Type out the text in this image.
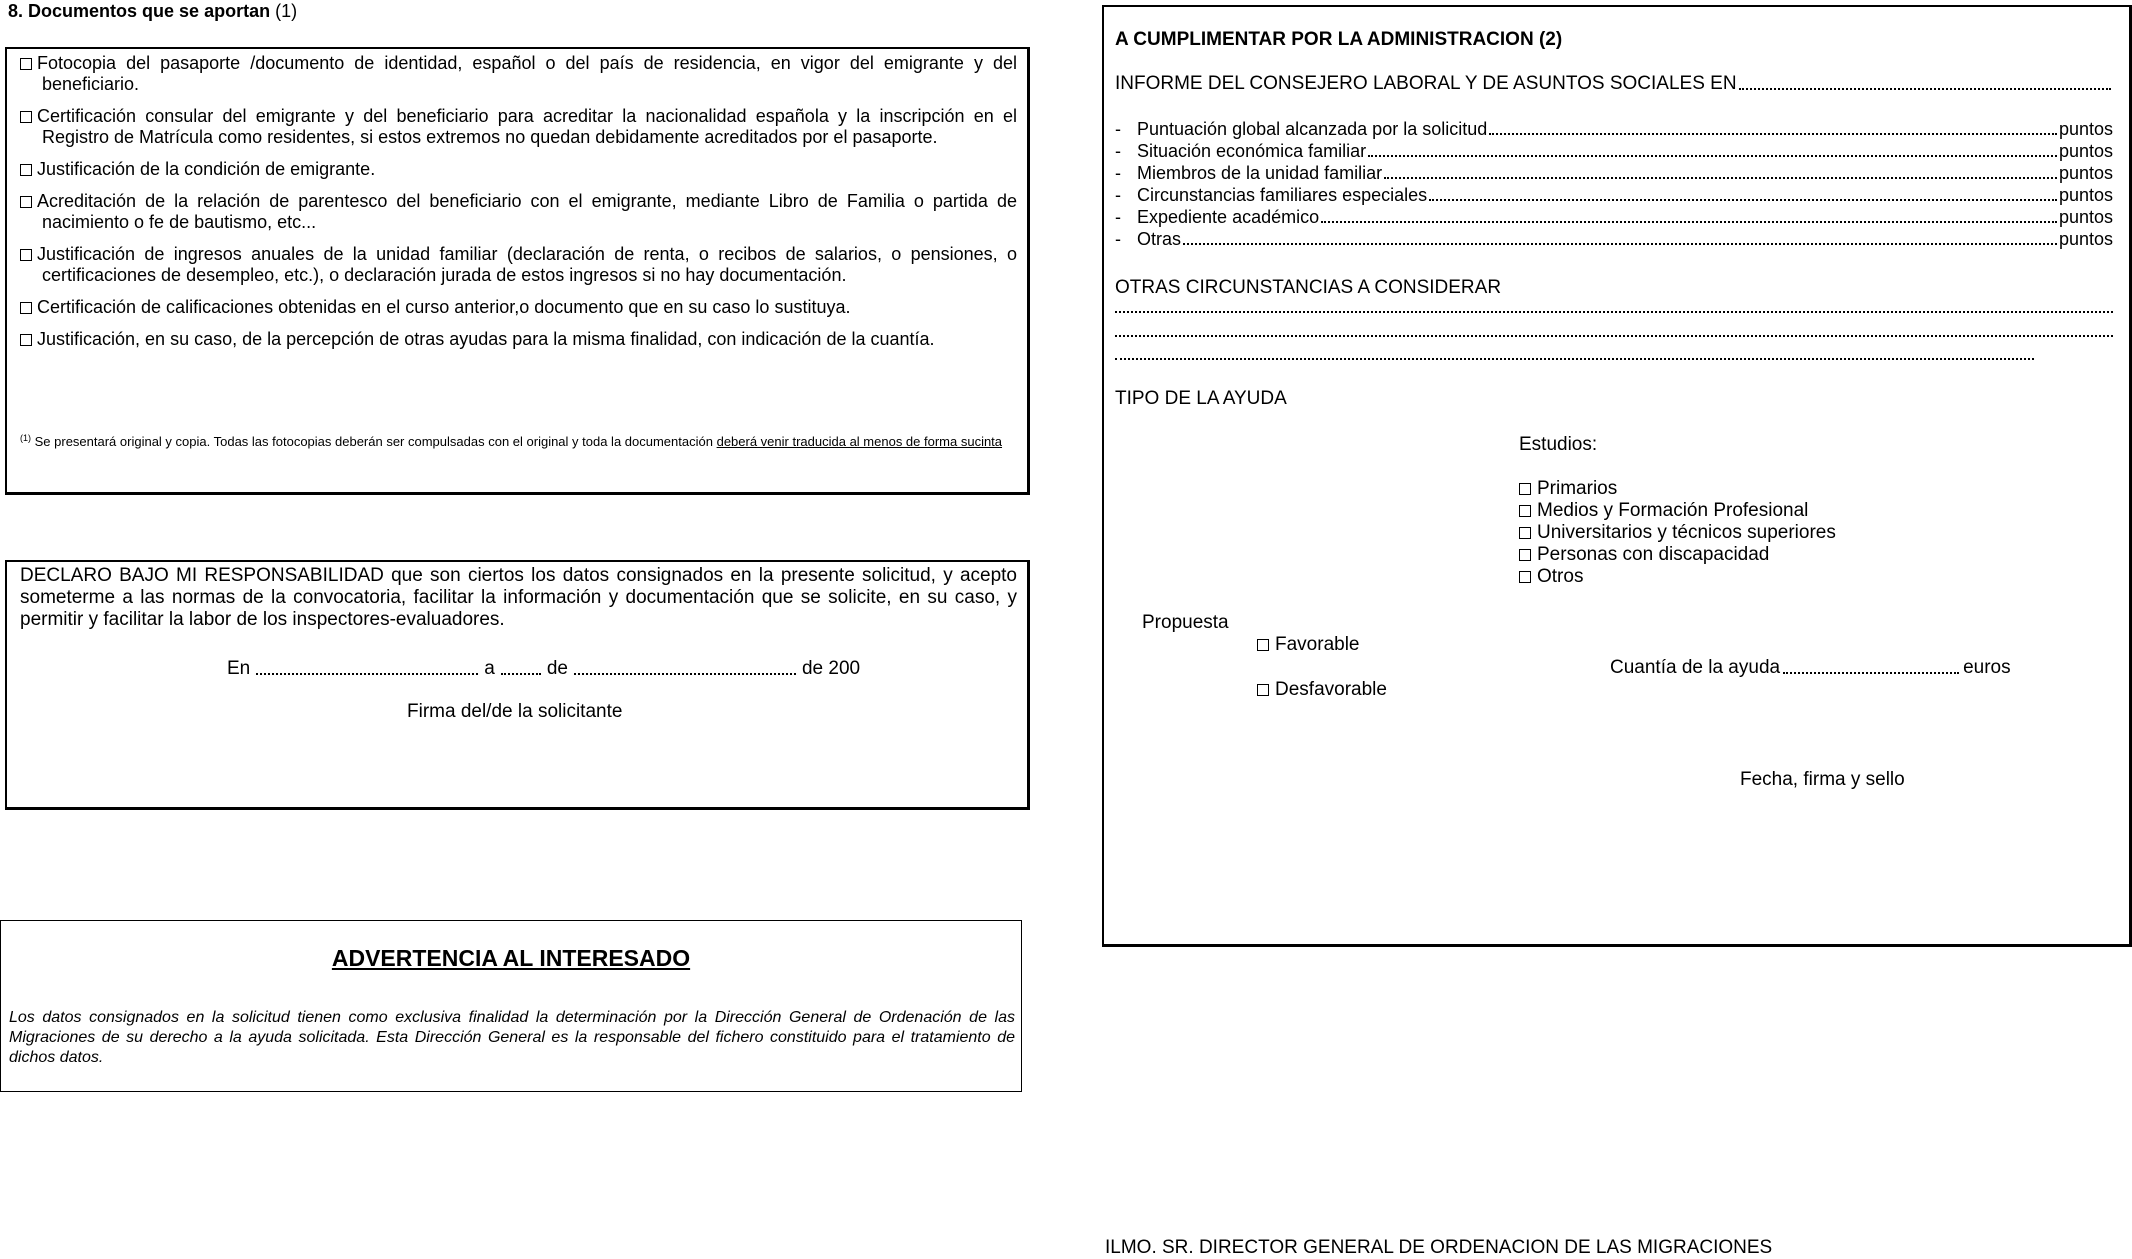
8. Documentos que se aportan (1)
Fotocopia del pasaporte /documento de identidad, español o del país de residencia, en vigor del emigrante y del beneficiario.
Certificación consular del emigrante y del beneficiario para acreditar la nacionalidad española y la inscripción en el Registro de Matrícula como residentes, si estos extremos no quedan debidamente acreditados por el pasaporte.
Justificación de la condición de emigrante.
Acreditación de la relación de parentesco del beneficiario con el emigrante, mediante Libro de Familia o partida de nacimiento o fe de bautismo, etc...
Justificación de ingresos anuales de la unidad familiar (declaración de renta, o recibos de salarios, o pensiones, o certificaciones de desempleo, etc.), o declaración jurada de estos ingresos si no hay documentación.
Certificación de calificaciones obtenidas en el curso anterior,o documento que en su caso lo sustituya.
Justificación, en su caso, de la percepción de otras ayudas para la misma finalidad, con indicación de la cuantía.
$^{(1)}$ Se presentará original y copia. Todas las fotocopias deberán ser compulsadas con el original y toda la documentación deberá venir traducida al menos de forma sucinta
DECLARO BAJO MI RESPONSABILIDAD que son ciertos los datos consignados en la presente solicitud, y acepto someterme a las normas de la convocatoria, facilitar la información y documentación que se solicite, en su caso, y permitir y facilitar la labor de los inspectores-evaluadores.
En	a	de	de 200
Firma del/de la solicitante
ADVERTENCIA AL INTERESADO
Los datos consignados en la solicitud tienen como exclusiva finalidad la determinación por la Dirección General de Ordenación de las Migraciones de su derecho a la ayuda solicitada. Esta Dirección General es la responsable del fichero constituido para el tratamiento de dichos datos.
A CUMPLIMENTAR POR LA ADMINISTRACION (2)
INFORME DEL CONSEJERO LABORAL Y DE ASUNTOS SOCIALES EN
- Puntuación global alcanzada por la solicitud	puntos
- Situación económica familiar	puntos
- Miembros de la unidad familiar	puntos
- Circunstancias familiares especiales	puntos
- Expediente académico	puntos
- Otras	puntos
OTRAS CIRCUNSTANCIAS A CONSIDERAR
TIPO DE LA AYUDA
Estudios:
Primarios
Medios y Formación Profesional
Universitarios y técnicos superiores
Personas con discapacidad
Otros
Propuesta
Favorable
Desfavorable
Cuantía de la ayuda	euros
Fecha, firma y sello
ILMO. SR. DIRECTOR GENERAL DE ORDENACION DE LAS MIGRACIONES
